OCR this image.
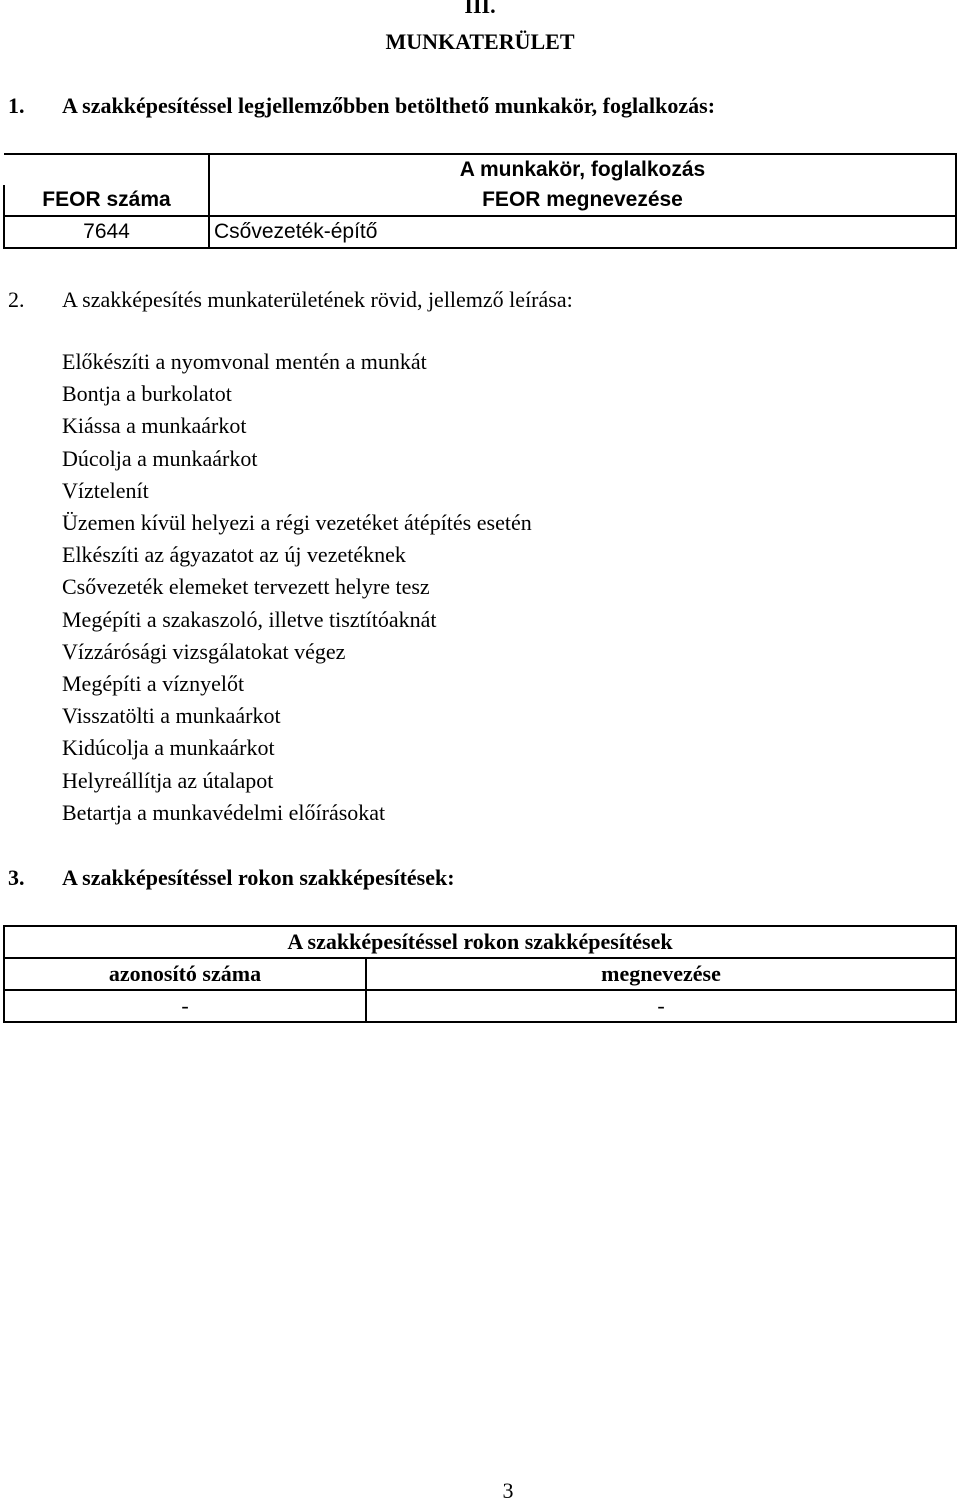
III.
MUNKATERÜLET
1. A szakképesítéssel legjellemzőbben betölthető munkakör, foglalkozás:
	A munkakör, foglalkozás
FEOR száma	FEOR megnevezése
7644	Csővezeték-építő
2. A szakképesítés munkaterületének rövid, jellemző leírása:
Előkészíti a nyomvonal mentén a munkát
Bontja a burkolatot
Kiássa a munkaárkot
Dúcolja a munkaárkot
Víztelenít
Üzemen kívül helyezi a régi vezetéket átépítés esetén
Elkészíti az ágyazatot az új vezetéknek
Csővezeték elemeket tervezett helyre tesz
Megépíti a szakaszoló, illetve tisztítóaknát
Vízzárósági vizsgálatokat végez
Megépíti a víznyelőt
Visszatölti a munkaárkot
Kidúcolja a munkaárkot
Helyreállítja az útalapot
Betartja a munkavédelmi előírásokat
3. A szakképesítéssel rokon szakképesítések:
A szakképesítéssel rokon szakképesítések	
azonosító száma	megnevezése
-	-
3
